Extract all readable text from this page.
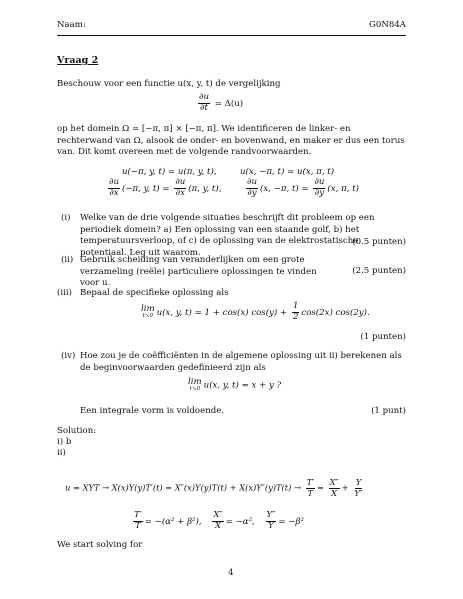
Naam:	G0N84A
Vraag 2
Beschouw voor een functie u(x, y, t) de vergelijking
$\frac{\partial u}{\partial t} = \Delta(u)$
op het domein Ω = [−π, π] × [−π, π]. We identificeren de linker- en rechterwand van Ω, alsook de onder- en bovenwand, en maker er dus een torus van. Dit komt overeen met de volgende randvoorwaarden.
u(−π, y, t) = u(π, y, t),	u(x, −π, t) = u(x, π, t)
$\frac{\partial u}{\partial x} (-\pi$, y, $t) = \frac{\partial u}{\partial x} (\pi$, y, t),	$\frac{\partial u}{\partial y} (x$, −π, $t) = \frac{\partial u}{\partial y} (x$, π, t)
(i) Welke van de drie volgende situaties beschrijft dit probleem op een periodiek domein? a) Een oplossing van een staande golf, b) het temperatuursverloop, of c) de oplossing van de elektrostatische potentiaal. Leg uit waarom.
(0.5 punten)
(ii) Gebruik scheiding van veranderlijken om een grote verzameling (reële) particuliere oplossingen te vinden voor u.
(2.5 punten)
(iii) Bepaal de specifieke oplossing als
lim
t↘0 u(x, y, t) = 1 + cos(x) $\cos(y) + \frac{1}{2} \cos(2x)$ cos(2y).
(1 punten)
(iv) Hoe zou je de coëfficiënten in de algemene oplossing uit ii) berekenen als de beginvoorwaarden gedefinieerd zijn als
lim
t↘0 u(x, y, t) = x + y ?
Een integrale vorm is voldoende.	(1 punt)
Solution:
i) b
ii)
u = XYT → $X(x)Y(y)T'(t) = X''(x)Y(y)T(t) + X(x)Y''(y)T(t) \to \frac{T'}{T} = \frac{X''}{X} + \frac{Y}{Y''}$
$\frac{T'}{T} = -(\alpha^2 + \beta^2)$, $\frac{X''}{X} = -\alpha^2$, $\frac{Y''}{Y} = -\beta^2$
We start solving for
4
